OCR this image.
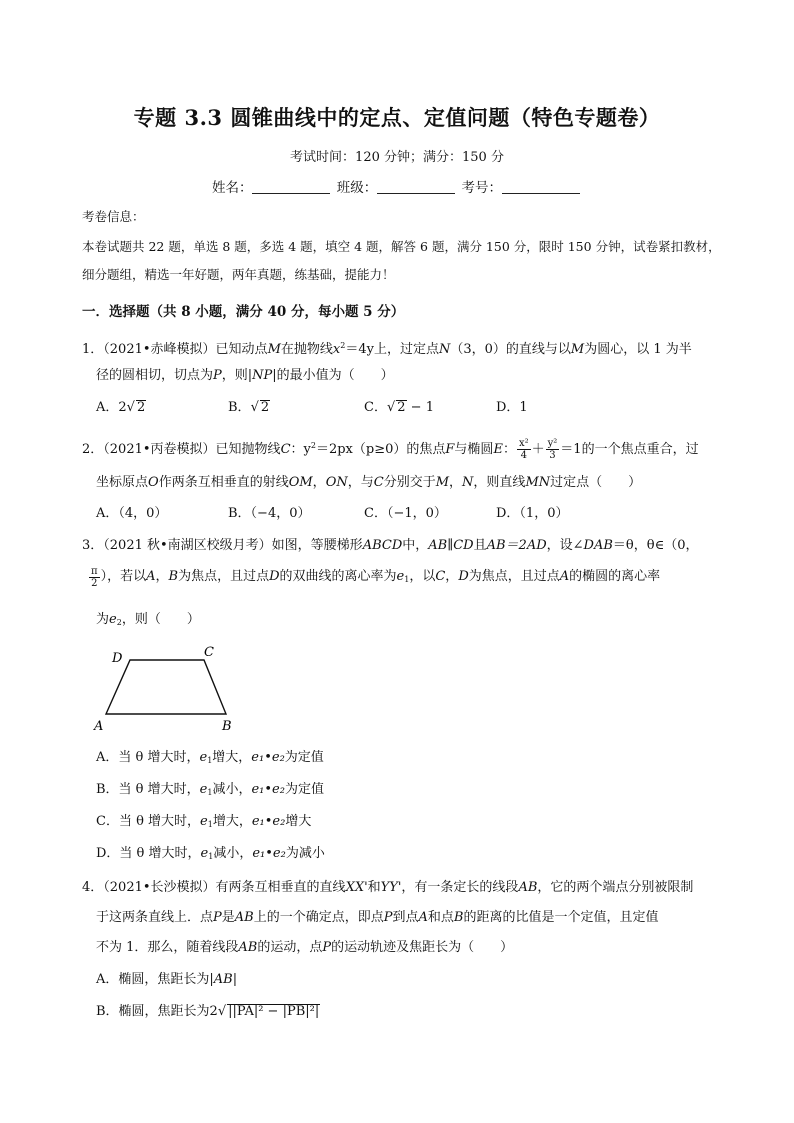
专题 3.3 圆锥曲线中的定点、定值问题（特色专题卷）
考试时间：120 分钟；满分：150 分
姓名：	班级：	考号：
考卷信息：
本卷试题共 22 题，单选 8 题，多选 4 题，填空 4 题，解答 6 题，满分 150 分，限时 150 分钟，试卷紧扣教材，
细分题组，精选一年好题，两年真题，练基础，提能力！
一．选择题（共 8 小题，满分 40 分，每小题 5 分）
1．（2021•赤峰模拟）已知动点M在抛物线$x^2=4y$上，过定点N（3，0）的直线与以M为圆心，以 1 为半
径的圆相切，切点为P，则|NP|的最小值为（　　）
A．2√ 2	B．√ 2	C．√ 2 − 1	D．1
2．（2021•丙卷模拟）已知抛物线C：$y^2=2px(p\ge 0)$的焦点F与椭圆E： $\frac{\text{x²}}{4} + \frac{\text{y²}}{3} =1$的一个焦点重合，过
坐标原点O作两条互相垂直的射线OM，ON，与C分别交于M，N，则直线MN过定点（　　）
A．（4，0）	B．（−4，0）	C．（−1，0）	D．（1，0）
3．（2021 秋•南湖区校级月考）如图，等腰梯形ABCD中，AB∥CD且AB＝2AD，设∠DAB＝θ，θ∈（0，
$\frac{\pi}{2}$ ），若以A，B为焦点，且过点D的双曲线的离心率为$e_1$，以C，D为焦点，且过点A的椭圆的离心率
为$e_2$，则（　　）
D	C
A	B
A．当 θ 增大时，$e_1$增大，e₁•e₂为定值
B．当 θ 增大时，$e_1$减小，e₁•e₂为定值
C．当 θ 增大时，$e_1$增大，e₁•e₂增大
D．当 θ 增大时，$e_1$减小，e₁•e₂为减小
4．（2021•长沙模拟）有两条互相垂直的直线XX'和YY'，有一条定长的线段AB，它的两个端点分别被限制
于这两条直线上．点P是AB上的一个确定点，即点P到点A和点B的距离的比值是一个定值，且定值
不为 1．那么，随着线段AB的运动，点P的运动轨迹及焦距长为（　　）
A．椭圆，焦距长为|AB|
B．椭圆，焦距长为2√ ||PA|² − |PB|²|
